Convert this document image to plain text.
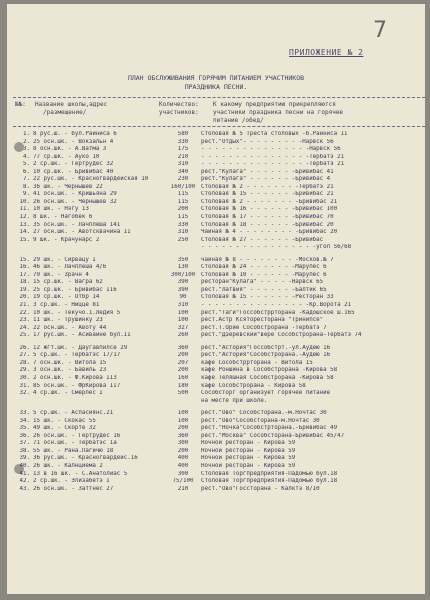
7
ПРИЛОЖЕНИЕ № 2
ПЛАН ОБСЛУЖИВАНИЯ ГОРЯЧИМ ПИТАНИЕМ УЧАСТНИКОВ
ПРАЗДНИКА ПЕСНИ.
№№: Название школы,адрес
/размещение/
Количество:
участников:
К какому предприятию прикрепляются
участники праздника песни на горячее
питание /обед/
1. 8 рус.ш. - бул.Райниса 6	580	Столовая № 5 Треста столовых -б.Райниса II
2. 25 осн.шк. - Вокзальн 4	330	рест."Отдых"- - - - - - - - -Нарвск 56
3. 8 осн.шк. - А.Ватма 3	175	- - - - - - - - - - - - - - - -Нарвск 56
4. 77 ср.шк. - Ауко 10	210	- - - - - - - - - - - - - - - -Тербатэ 21
5. 2 ср.шк. - Гертрудес 32	310	- - - - - - - - - - - - - - - -Тербатэ 21
6. 10 ср.шк. - Бривибас 40	340	рест."Кулага" - - - - - - -Бривибас 41
7. 22 рус.шк. - Красногвардейская 10	230	рест."Кулага" - - - - - - -Бривибас 4
8. 36 шк. - Чернышев 22	160/100 Столовая № 2 - - - - - - - -Тербатэ 21
9. 41 осн.шк. - Кришьяна 29	115	Столовая № 15 - - - - - - -Бривибас 21
10. 26 осн.шк. - Чернышев 32	115	Столовая № 2 - - - - - - - -Бривибас 21
11. 10 шк. - Нэгу 13	200	Столовая № 16 - - - - - - -Бривибас 100
12. 8 шк. - Нагобек 6	115	Столовая № 17 - - - - - - -Бривибас 70
13. 35 осн.шк. - Лачплеша 141	330	Столовая № 18 - - - - - - -Бривибас 20
14. 27 осн.шк. - Авотсквачина II	310	Чайная № 4 - - - - - - - - -Бривибас 20
15. 9 шк. - Крачунарс 2	250	Столовая № 27 - - - - - - -Бривибас
- - - - - - - - - - - - - - - - -угол 56/68
15. 29 шк. - Сирвацу I	350	чайная № 8 - - - - - - - - -Москов.№ 7
16. 46 шк. - Лачплеша 4/6	130	Столовая № 24 - - - - - - -Марупес 6
17. 79 шк. - Зрачн 4	300/100 Столовая № 10 - - - - - - -Марупес 6
18. 15 ср.шк. - Вагра 62	390	ресторан"Кулага" - - - - -Нарвск 65
19. 25 ср.шк. - Бривибас II6	390	рест."Латвия" - - - - - - -Балтик 65
20. 19 ср.шк. - Отбр 14	90	Столовая № 15 - - - - - - -Ресторан 33
21. 3 ср.шк. - Ницце 81	310	- - - - - - - - - - - - - - - -Кр.Ворота 21
22. 10 шк. - Текучо.1.Ледия 5	100	рест."Таги"Госсобстррторана -Кадошское ш.165
23. 11 шк. - Трушинку 23	100	рест.Астр Ксяторесторана "Тринипсе"
24. 22 осн.шк. - Авоту 44	327	рест.Т.Орие Сособстрорана -Тербатэ 7
25. 17 рус.шк. - Асиваине бул.II	260	рест."Дзеревский"вере Сособстрорана-Тербатэ 74
26. 12 жгт.шк. - Даугавпилсе 29	360	рест."Астория"Госсобстрт.-ул.Аудею 16
27. 5 ср.шк. - Тербатэс 17/17	200	рест."Астория"Сособстрорана.-Аудею 16
28. 7 осн.шк. - Витола 15	207	кафе Сособстррторана - Витола 15
29. 3 осн.шк. - Бавиль 23	200	кафе Роншина в Сособстрорана -Кирова 58
30. 2 осн.шк. - Ф.Кирова II3	160	кафе Теляшная Сособстрорана -Кирова 58
31. 85 осн.шк. - ФрКирова II7	180	кафе Сособстрорана - Кирова 58
32. 4 ср.шк. - Смерлес I	500	Сособсторг организует горячее питание
на месте при школе.
33. 5 ср.шк. - Аспасиянс.21	100	рест."Ово" Сособсторана.-м.Ночтас 30
34. 15 шк. - Скокас 55	100	рест."Ово"Сособсторана-м.Ночтас 30
35. 49 шк. - Скорте 32	200	рест."Ночка"Сособстрторана.-Бривибас 49
36. 26 осн.шк. - Гертрудес 16	360	рест."Москва" Сособсторана-Бривибас 45/47
37. 71 осн.шк. - Тербатэс 1а	300	Ночной ресторан - Кирова 59
38. 55 шк. - Рана.Пагичю 18	200	Ночной ресторан - Кирова 59
39. 36 рус.шк. - Красногвардейс.16	400	Ночной ресторан - Кирова 59
40. 26 шк. - Калнциема 2	400	Ночной ресторан - Кирова 59
41. 13 в 16 шк. - С.Анатолиас 5	300	Столовая Торгпредприятия-Падомью бул.18
42. 2 ср.шк. - Элизабетэ I	75/100	Столовая Торгпредприятия-Падомью бул.18
43. 26 осн.шк. - Заттнес 27	210	рест."Ово"Госсторана - Калктэ 8/10
